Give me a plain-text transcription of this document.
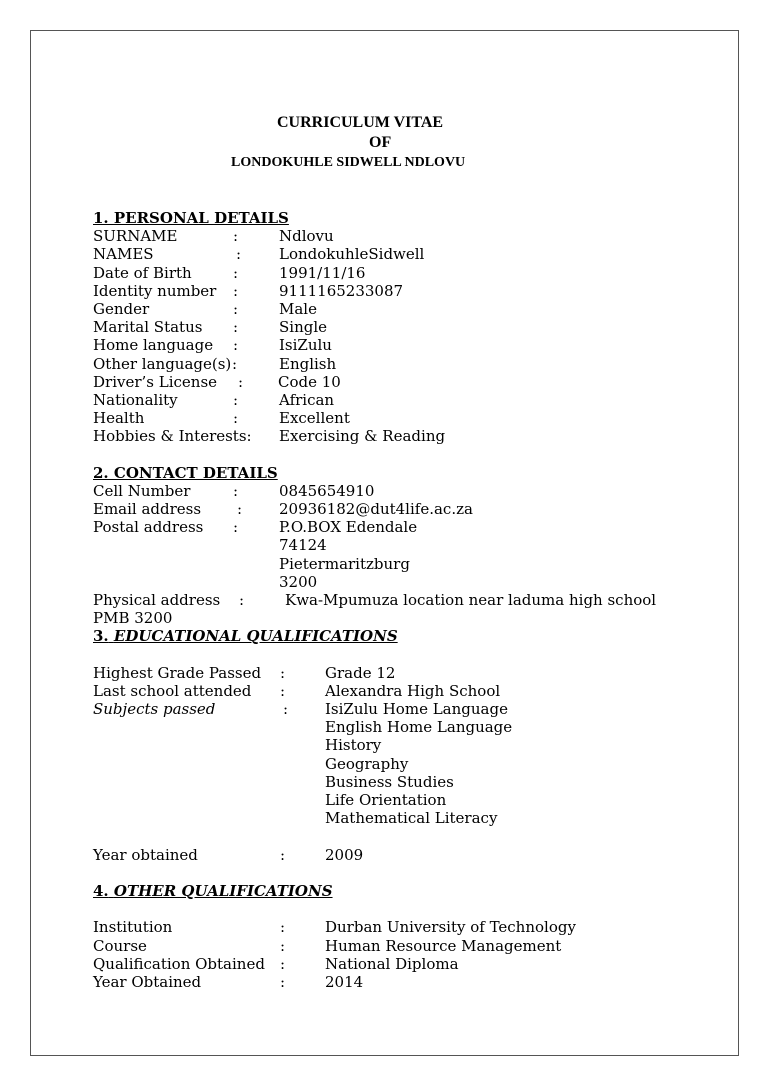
CURRICULUM VITAE
OF
LONDOKUHLE SIDWELL NDLOVU
1. PERSONAL DETAILS
SURNAME	:	Ndlovu
NAMES	:	LondokuhleSidwell
Date of Birth	:	1991/11/16
Identity number :	9111165233087
Gender	:	Male
Marital Status :	Single
Home language :	IsiZulu
Other language(s) :	English
Driver’s License : Code 10
Nationality	:	African
Health	:	Excellent
Hobbies & Interests: Exercising & Reading
2. CONTACT DETAILS
Cell Number	:	0845654910
Email address : 20936182@dut4life.ac.za
Postal address :	P.O.BOX Edendale
74124
Pietermaritzburg
3200
Physical address :	Kwa-Mpumuza location near laduma high school
PMB 3200
3. EDUCATIONAL QUALIFICATIONS
Highest Grade Passed :	Grade 12
Last school attended :	Alexandra High School
Subjects passed	: IsiZulu Home Language
English Home Language
History
Geography
Business Studies
Life Orientation
Mathematical Literacy
Year obtained	:	2009
4. OTHER QUALIFICATIONS
Institution	:	Durban University of Technology
Course	:	Human Resource Management
Qualification Obtained :	National Diploma
Year Obtained	:	2014
